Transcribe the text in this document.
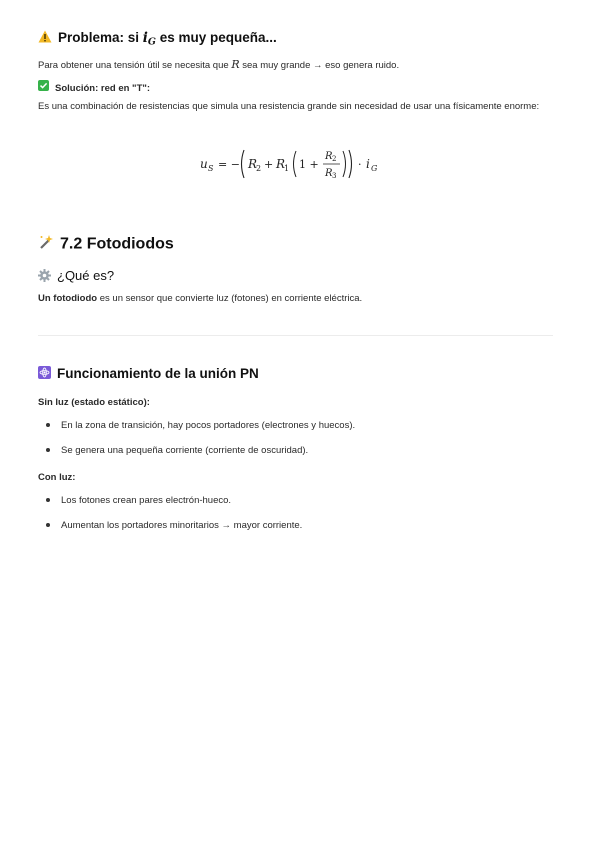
Problema: si $i_G$ es muy pequeña...
Para obtener una tensión útil se necesita que R sea muy grande → eso genera ruido.
Solución: red en "T":
Es una combinación de resistencias que simula una resistencia grande sin necesidad de usar una físicamente enorme:
u S = − R
2 + R
1 1 +
R 2
R 3
· i G
7.2 Fotodiodos
¿Qué es?
Un fotodiodo es un sensor que convierte luz (fotones) en corriente eléctrica.
Funcionamiento de la unión PN
Sin luz (estado estático):
En la zona de transición, hay pocos portadores (electrones y huecos).
Se genera una pequeña corriente (corriente de oscuridad).
Con luz:
Los fotones crean pares electrón-hueco.
Aumentan los portadores minoritarios → mayor corriente.
